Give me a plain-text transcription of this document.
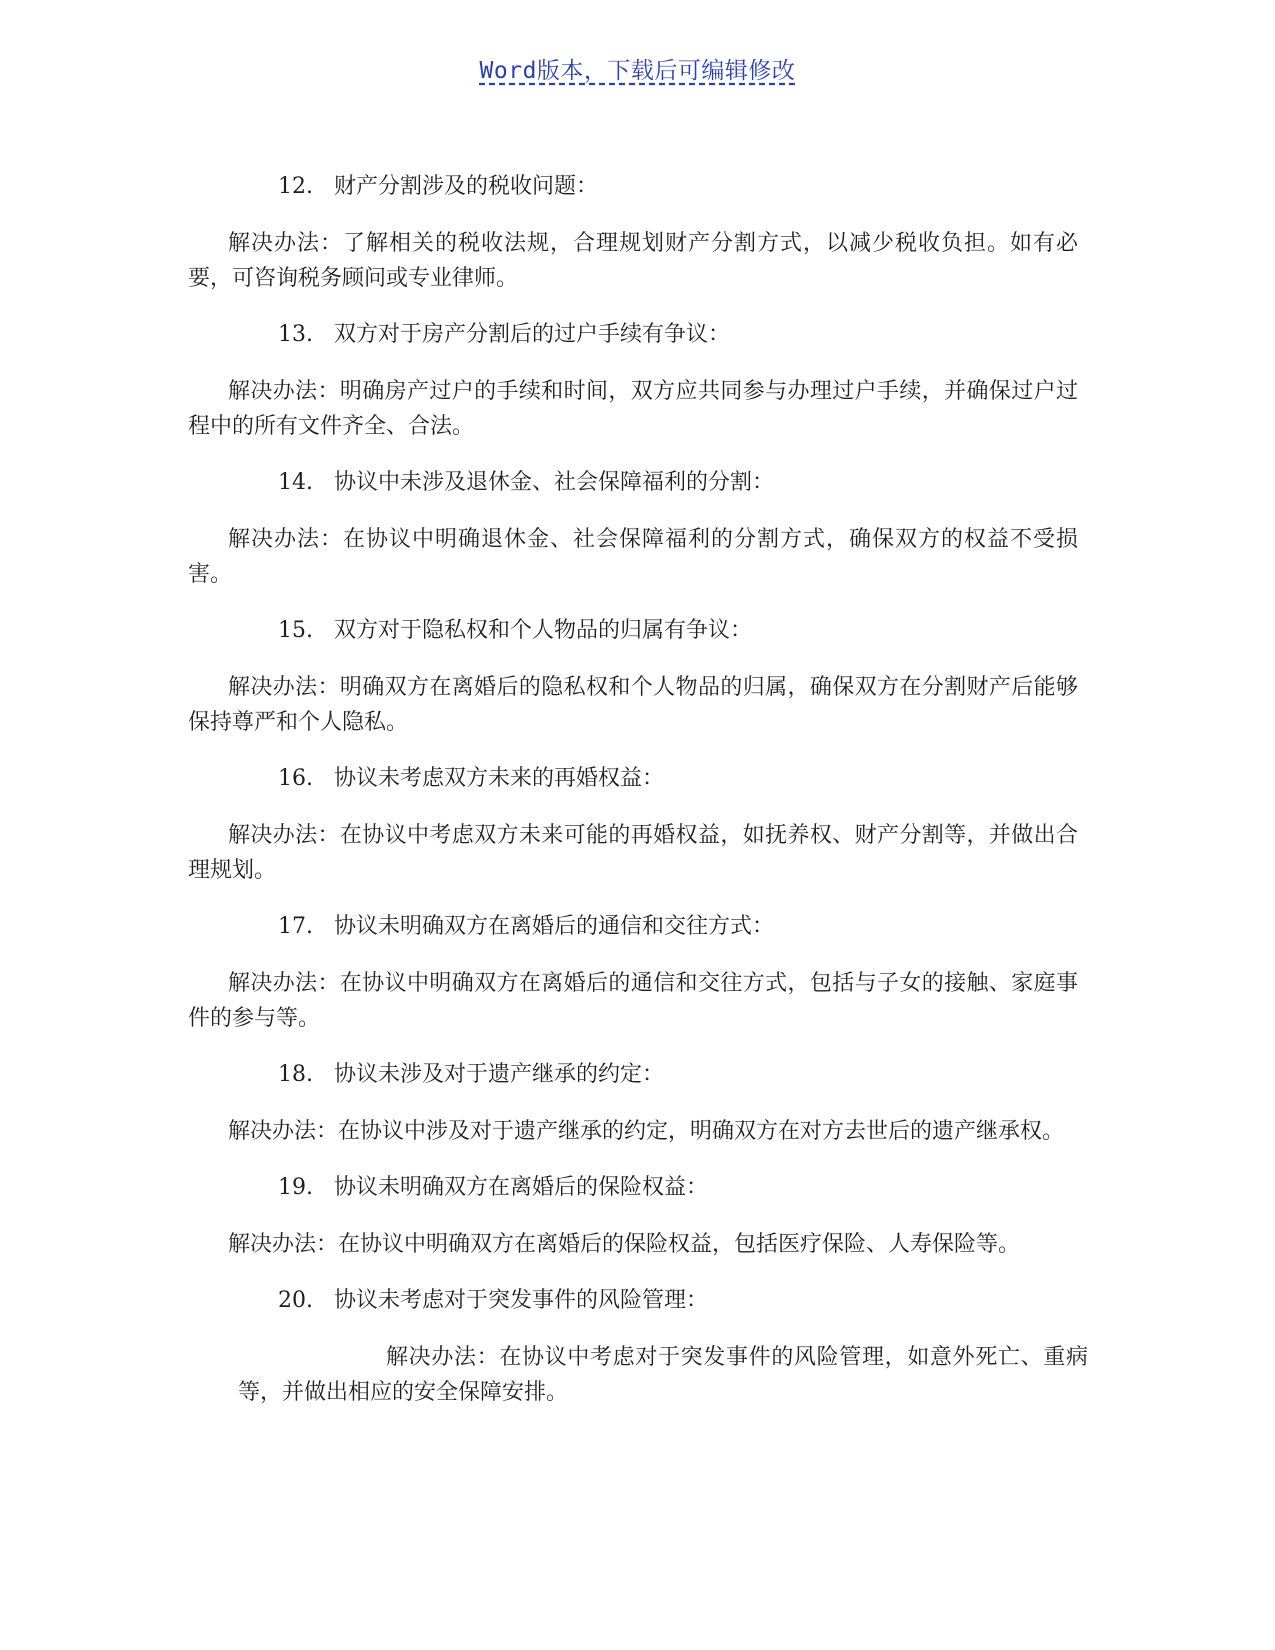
Word版本，下载后可编辑修改

12. 财产分割涉及的税收问题：

解决办法：了解相关的税收法规，合理规划财产分割方式，以减少税收负担。如有必要，可咨询税务顾问或专业律师。

13. 双方对于房产分割后的过户手续有争议：

解决办法：明确房产过户的手续和时间，双方应共同参与办理过户手续，并确保过户过程中的所有文件齐全、合法。

14. 协议中未涉及退休金、社会保障福利的分割：

解决办法：在协议中明确退休金、社会保障福利的分割方式，确保双方的权益不受损害。

15. 双方对于隐私权和个人物品的归属有争议：

解决办法：明确双方在离婚后的隐私权和个人物品的归属，确保双方在分割财产后能够保持尊严和个人隐私。

16. 协议未考虑双方未来的再婚权益：

解决办法：在协议中考虑双方未来可能的再婚权益，如抚养权、财产分割等，并做出合理规划。

17. 协议未明确双方在离婚后的通信和交往方式：

解决办法：在协议中明确双方在离婚后的通信和交往方式，包括与子女的接触、家庭事件的参与等。

18. 协议未涉及对于遗产继承的约定：

解决办法：在协议中涉及对于遗产继承的约定，明确双方在对方去世后的遗产继承权。

19. 协议未明确双方在离婚后的保险权益：

解决办法：在协议中明确双方在离婚后的保险权益，包括医疗保险、人寿保险等。

20. 协议未考虑对于突发事件的风险管理：

解决办法：在协议中考虑对于突发事件的风险管理，如意外死亡、重病等，并做出相应的安全保障安排。
